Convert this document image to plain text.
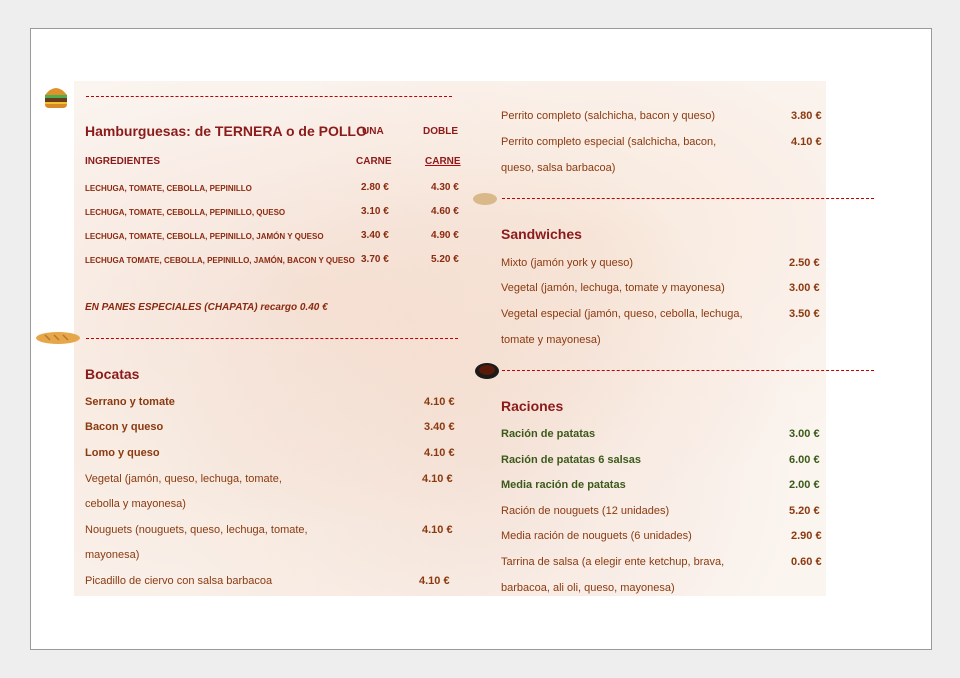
Hamburguesas: de TERNERA o de POLLO
UNA	DOBLE
INGREDIENTES	CARNE	CARNE
LECHUGA, TOMATE, CEBOLLA, PEPINILLO	2.80 €	4.30 €
LECHUGA, TOMATE, CEBOLLA, PEPINILLO, QUESO	3.10 €	4.60 €
LECHUGA, TOMATE, CEBOLLA, PEPINILLO, JAMÓN Y QUESO	3.40 €	4.90 €
LECHUGA TOMATE, CEBOLLA, PEPINILLO, JAMÓN, BACON Y QUESO 3.70 €	5.20 €
EN PANES ESPECIALES (CHAPATA) recargo 0.40 €
Bocatas
Serrano y tomate	4.10 €
Bacon y queso	3.40 €
Lomo y queso	4.10 €
Vegetal (jamón, queso, lechuga, tomate,
cebolla y mayonesa)
4.10 €
Nouguets (nouguets, queso, lechuga, tomate,
mayonesa)
4.10 €
Picadillo de ciervo con salsa barbacoa	4.10 €
Perrito completo (salchicha, bacon y queso)	3.80 €
Perrito completo especial (salchicha, bacon,
queso, salsa barbacoa)
4.10 €
Sandwiches
Mixto (jamón york y queso)	2.50 €
Vegetal (jamón, lechuga, tomate y mayonesa)	3.00 €
Vegetal especial (jamón, queso, cebolla, lechuga,
tomate y mayonesa)
3.50 €
Raciones
Ración de patatas	3.00 €
Ración de patatas 6 salsas	6.00 €
Media ración de patatas	2.00 €
Ración de nouguets (12 unidades)	5.20 €
Media ración de nouguets (6 unidades)	2.90 €
Tarrina de salsa (a elegir ente ketchup, brava,
barbacoa, ali oli, queso, mayonesa)
0.60 €
